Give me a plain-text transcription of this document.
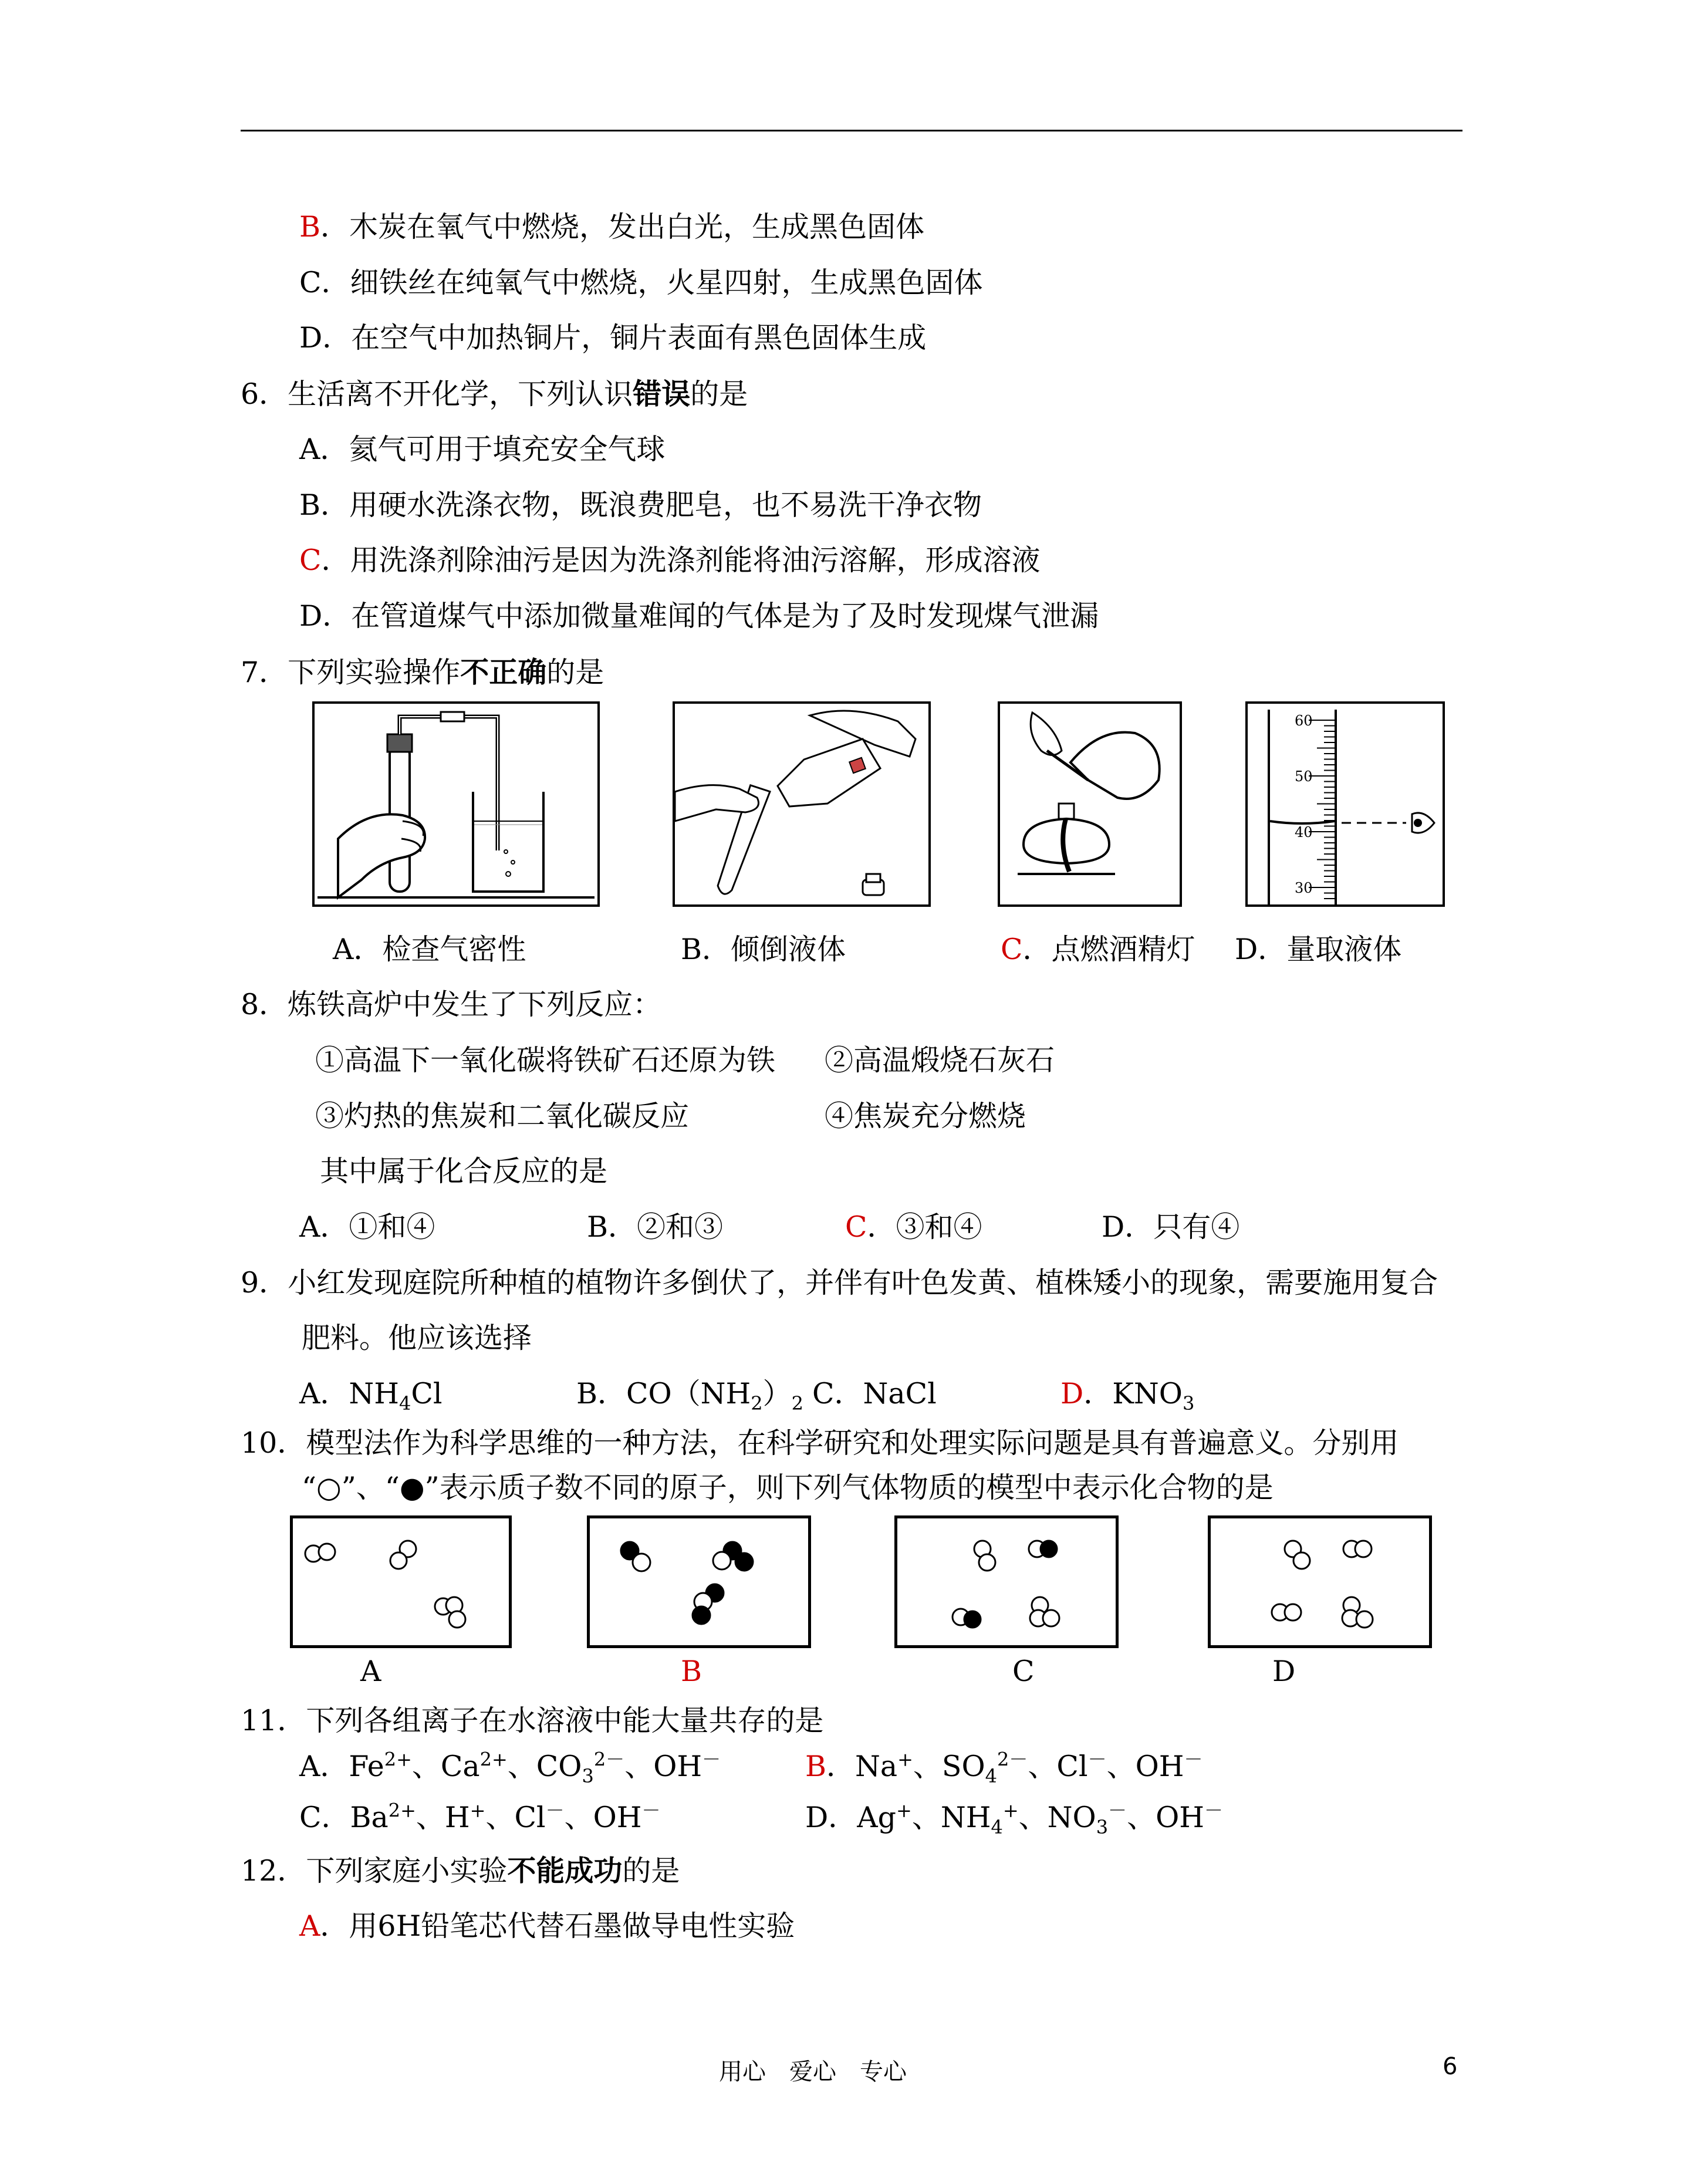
B．木炭在氧气中燃烧，发出白光，生成黑色固体
C．细铁丝在纯氧气中燃烧，火星四射，生成黑色固体
D．在空气中加热铜片，铜片表面有黑色固体生成
6．生活离不开化学，下列认识错误的是
A．氦气可用于填充安全气球
B．用硬水洗涤衣物，既浪费肥皂，也不易洗干净衣物
C．用洗涤剂除油污是因为洗涤剂能将油污溶解，形成溶液
D．在管道煤气中添加微量难闻的气体是为了及时发现煤气泄漏
7．下列实验操作不正确的是
60
50
40
30
A．检查气密性	B．倾倒液体	C．点燃酒精灯 D．量取液体
8．炼铁高炉中发生了下列反应：
①高温下一氧化碳将铁矿石还原为铁 ②高温煅烧石灰石
③灼热的焦炭和二氧化碳反应	④焦炭充分燃烧
其中属于化合反应的是
A．①和④	B．②和③	C．③和④	D．只有④
9．小红发现庭院所种植的植物许多倒伏了，并伴有叶色发黄、植株矮小的现象，需要施用复合
肥料。他应该选择
A．$NH_4Cl$	B．$CO(NH_2)_2$ C．NaCl	D．$KNO_3$
10．模型法作为科学思维的一种方法，在科学研究和处理实际问题是具有普遍意义。分别用
“○”、“●”表示质子数不同的原子，则下列气体物质的模型中表示化合物的是
A	B	C	D
11．下列各组离子在水溶液中能大量共存的是
A．$Fe^{2+}$、$Ca^{2+}$、$CO_3^{2-}$、OH－	B．Na+、$SO_4^{2-}$、Cl－、OH－
C．$Ba^{2+}$、H+、Cl－、OH－	D．Ag+、$NH_4^+$、$NO_3^-$、OH－
12．下列家庭小实验不能成功的是
A．用6H铅笔芯代替石墨做导电性实验
用心　爱心　专心	6
